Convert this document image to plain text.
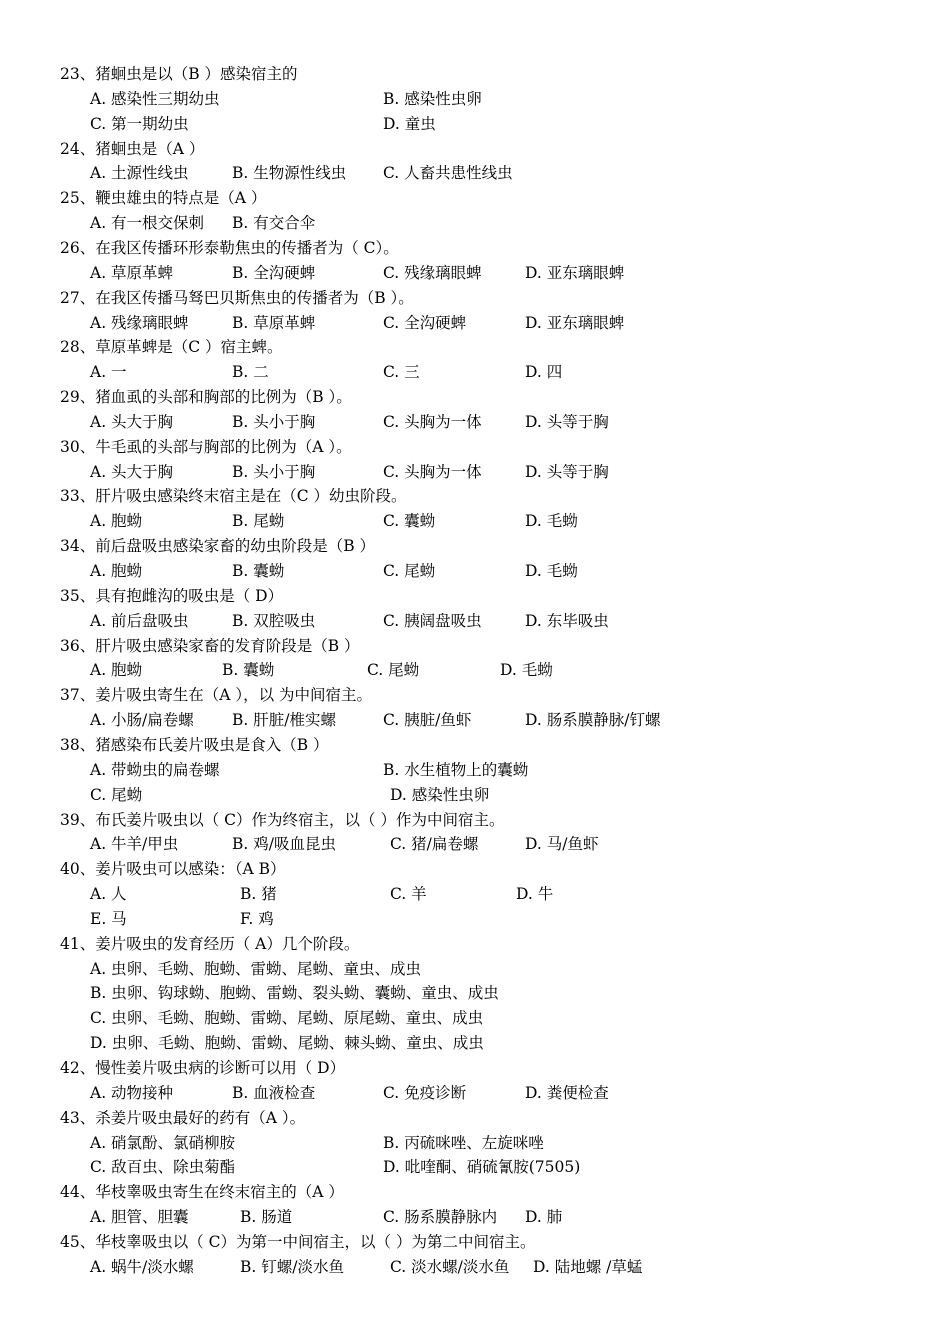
23、猪蛔虫是以（B ）感染宿主的
A. 感染性三期幼虫	B. 感染性虫卵
C. 第一期幼虫	D. 童虫
24、猪蛔虫是（A ）
A. 土源性线虫	B. 生物源性线虫 C. 人畜共患性线虫
25、鞭虫雄虫的特点是（A ）
A. 有一根交保刺 B. 有交合伞
26、在我区传播环形泰勒焦虫的传播者为（ C）。
A. 草原革蜱	B. 全沟硬蜱	C. 残缘璃眼蜱	D. 亚东璃眼蜱
27、在我区传播马驽巴贝斯焦虫的传播者为（B ）。
A. 残缘璃眼蜱	B. 草原革蜱	C. 全沟硬蜱	D. 亚东璃眼蜱
28、草原革蜱是（C ）宿主蜱。
A. 一	B. 二	C. 三	D. 四
29、猪血虱的头部和胸部的比例为（B ）。
A. 头大于胸	B. 头小于胸	C. 头胸为一体	D. 头等于胸
30、牛毛虱的头部与胸部的比例为（A ）。
A. 头大于胸	B. 头小于胸	C. 头胸为一体	D. 头等于胸
33、肝片吸虫感染终末宿主是在（C ）幼虫阶段。
A. 胞蚴	B. 尾蚴	C. 囊蚴	D. 毛蚴
34、前后盘吸虫感染家畜的幼虫阶段是（B ）
A. 胞蚴	B. 囊蚴	C. 尾蚴	D. 毛蚴
35、具有抱雌沟的吸虫是（ D）
A. 前后盘吸虫	B. 双腔吸虫	C. 胰阔盘吸虫	D. 东毕吸虫
36、肝片吸虫感染家畜的发育阶段是（B ）
A. 胞蚴	B. 囊蚴	C. 尾蚴	D. 毛蚴
37、姜片吸虫寄生在（A ），以 为中间宿主。
A. 小肠/扁卷螺 B. 肝脏/椎实螺	C. 胰脏/鱼虾	D. 肠系膜静脉/钉螺
38、猪感染布氏姜片吸虫是食入（B ）
A. 带蚴虫的扁卷螺	B. 水生植物上的囊蚴
C. 尾蚴	D. 感染性虫卵
39、布氏姜片吸虫以（ C）作为终宿主，以（ ）作为中间宿主。
A. 牛羊/甲虫	B. 鸡/吸血昆虫	C. 猪/扁卷螺	D. 马/鱼虾
40、姜片吸虫可以感染：（A B）
A. 人	B. 猪	C. 羊	D. 牛
E. 马	F. 鸡
41、姜片吸虫的发育经历（ A）几个阶段。
A. 虫卵、毛蚴、胞蚴、雷蚴、尾蚴、童虫、成虫
B. 虫卵、钩球蚴、胞蚴、雷蚴、裂头蚴、囊蚴、童虫、成虫
C. 虫卵、毛蚴、胞蚴、雷蚴、尾蚴、原尾蚴、童虫、成虫
D. 虫卵、毛蚴、胞蚴、雷蚴、尾蚴、棘头蚴、童虫、成虫
42、慢性姜片吸虫病的诊断可以用（ D）
A. 动物接种	B. 血液检查	C. 免疫诊断	D. 粪便检查
43、杀姜片吸虫最好的药有（A ）。
A. 硝氯酚、氯硝柳胺	B. 丙硫咪唑、左旋咪唑
C. 敌百虫、除虫菊酯	D. 吡喹酮、硝硫氰胺(7505)
44、华枝睾吸虫寄生在终末宿主的（A ）
A. 胆管、胆囊	B. 肠道	C. 肠系膜静脉内 D. 肺
45、华枝睾吸虫以（ C）为第一中间宿主，以（ ）为第二中间宿主。
A. 蜗牛/淡水螺	B. 钉螺/淡水鱼	C. 淡水螺/淡水鱼 D. 陆地螺 /草蜢
